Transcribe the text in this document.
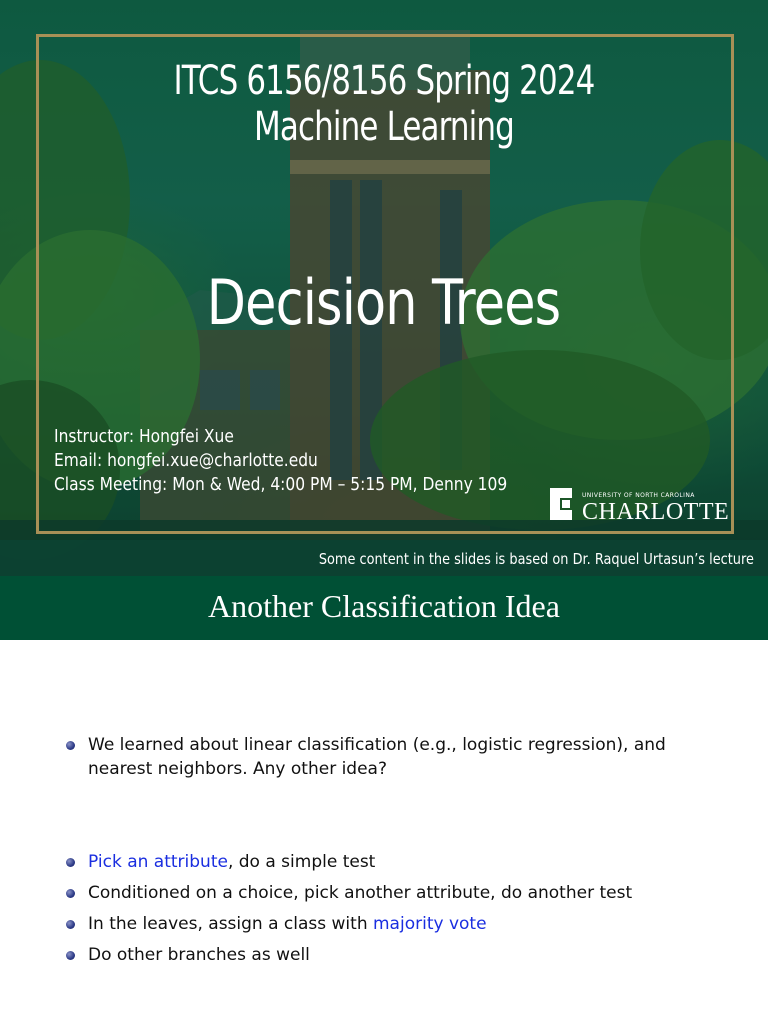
ITCS 6156/8156 Spring 2024
Machine Learning
Decision Trees
Instructor: Hongfei Xue
Email: hongfei.xue@charlotte.edu
Class Meeting: Mon & Wed, 4:00 PM – 5:15 PM, Denny 109
UNIVERSITY OF NORTH CAROLINA
CHARLOTTE
Some content in the slides is based on Dr. Raquel Urtasun’s lecture
Another Classification Idea
We learned about linear classification (e.g., logistic regression), and nearest neighbors. Any other idea?
Pick an attribute, do a simple test
Conditioned on a choice, pick another attribute, do another test
In the leaves, assign a class with majority vote
Do other branches as well
